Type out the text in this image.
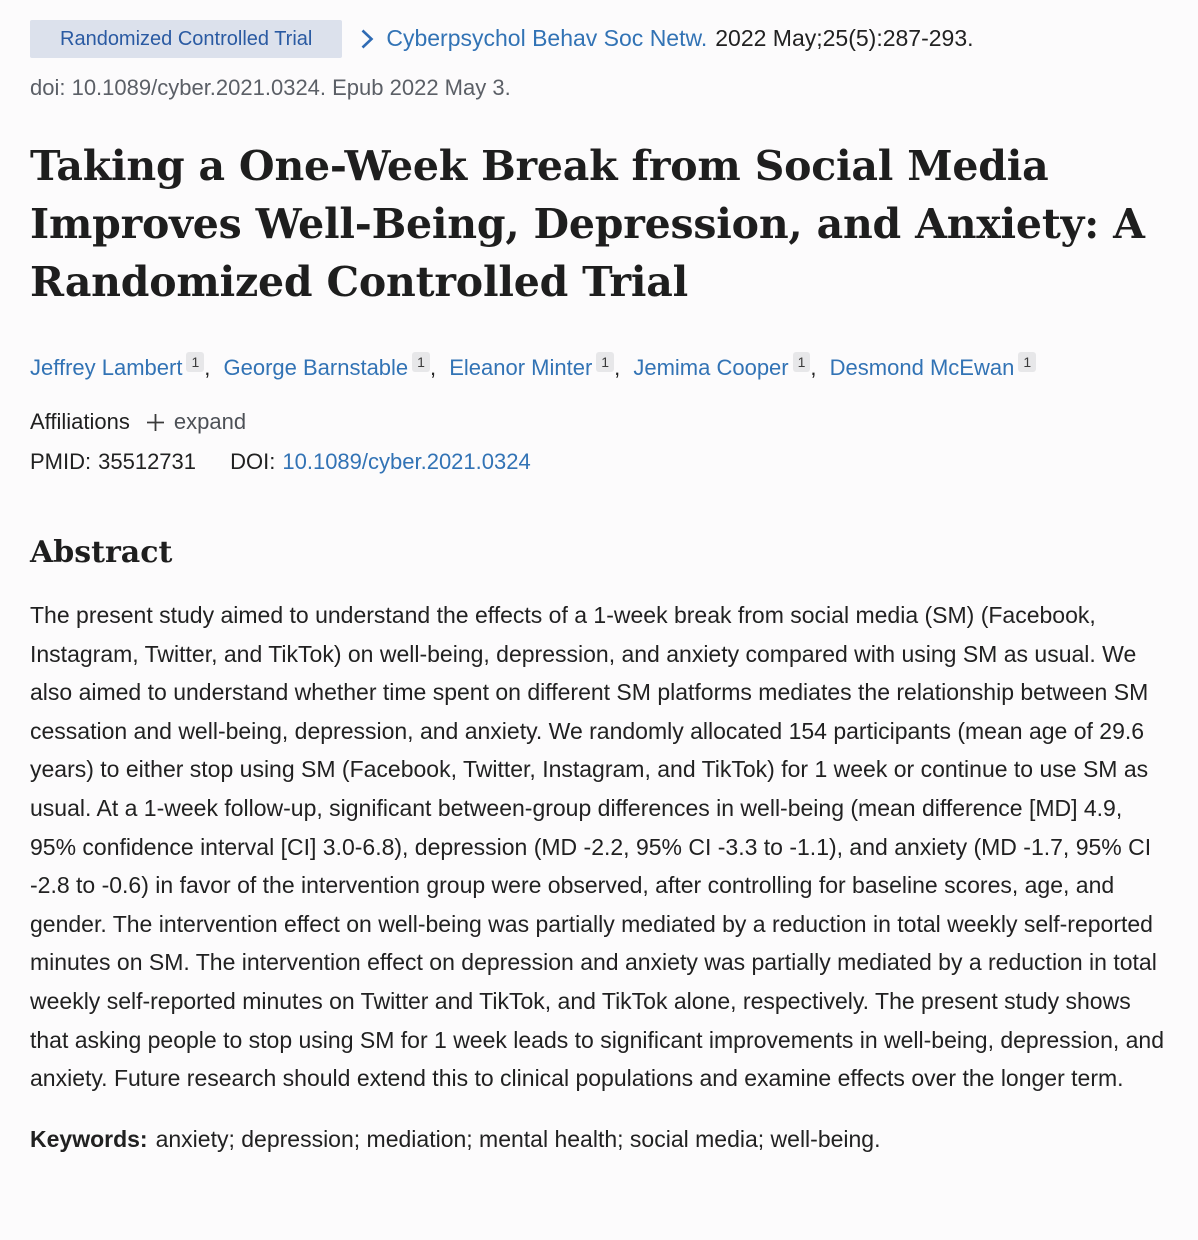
Randomized Controlled Trial	Cyberpsychol Behav Soc Netw. 2022 May;25(5):287-293.
doi: 10.1089/cyber.2021.0324. Epub 2022 May 3.
Taking a One-Week Break from Social Media Improves Well-Being, Depression, and Anxiety: A Randomized Controlled Trial
Jeffrey Lambert $^1$ , George Barnstable $^1$ , Eleanor Minter $^1$ , Jemima Cooper $^1$ , Desmond McEwan $^1$
Affiliations expand
PMID: 35512731 DOI: 10.1089/cyber.2021.0324
Abstract

The present study aimed to understand the effects of a 1-week break from social media (SM) (Facebook, Instagram, Twitter, and TikTok) on well-being, depression, and anxiety compared with using SM as usual. We also aimed to understand whether time spent on different SM platforms mediates the relationship between SM cessation and well-being, depression, and anxiety. We randomly allocated 154 participants (mean age of 29.6 years) to either stop using SM (Facebook, Twitter, Instagram, and TikTok) for 1 week or continue to use SM as usual. At a 1-week follow-up, significant between-group differences in well-being (mean difference [MD] 4.9, 95% confidence interval [CI] 3.0-6.8), depression (MD -2.2, 95% CI -3.3 to -1.1), and anxiety (MD -1.7, 95% CI -2.8 to -0.6) in favor of the intervention group were observed, after controlling for baseline scores, age, and gender. The intervention effect on well-being was partially mediated by a reduction in total weekly self-reported minutes on SM. The intervention effect on depression and anxiety was partially mediated by a reduction in total weekly self-reported minutes on Twitter and TikTok, and TikTok alone, respectively. The present study shows that asking people to stop using SM for 1 week leads to significant improvements in well-being, depression, and anxiety. Future research should extend this to clinical populations and examine effects over the longer term.

Keywords: anxiety; depression; mediation; mental health; social media; well-being.
